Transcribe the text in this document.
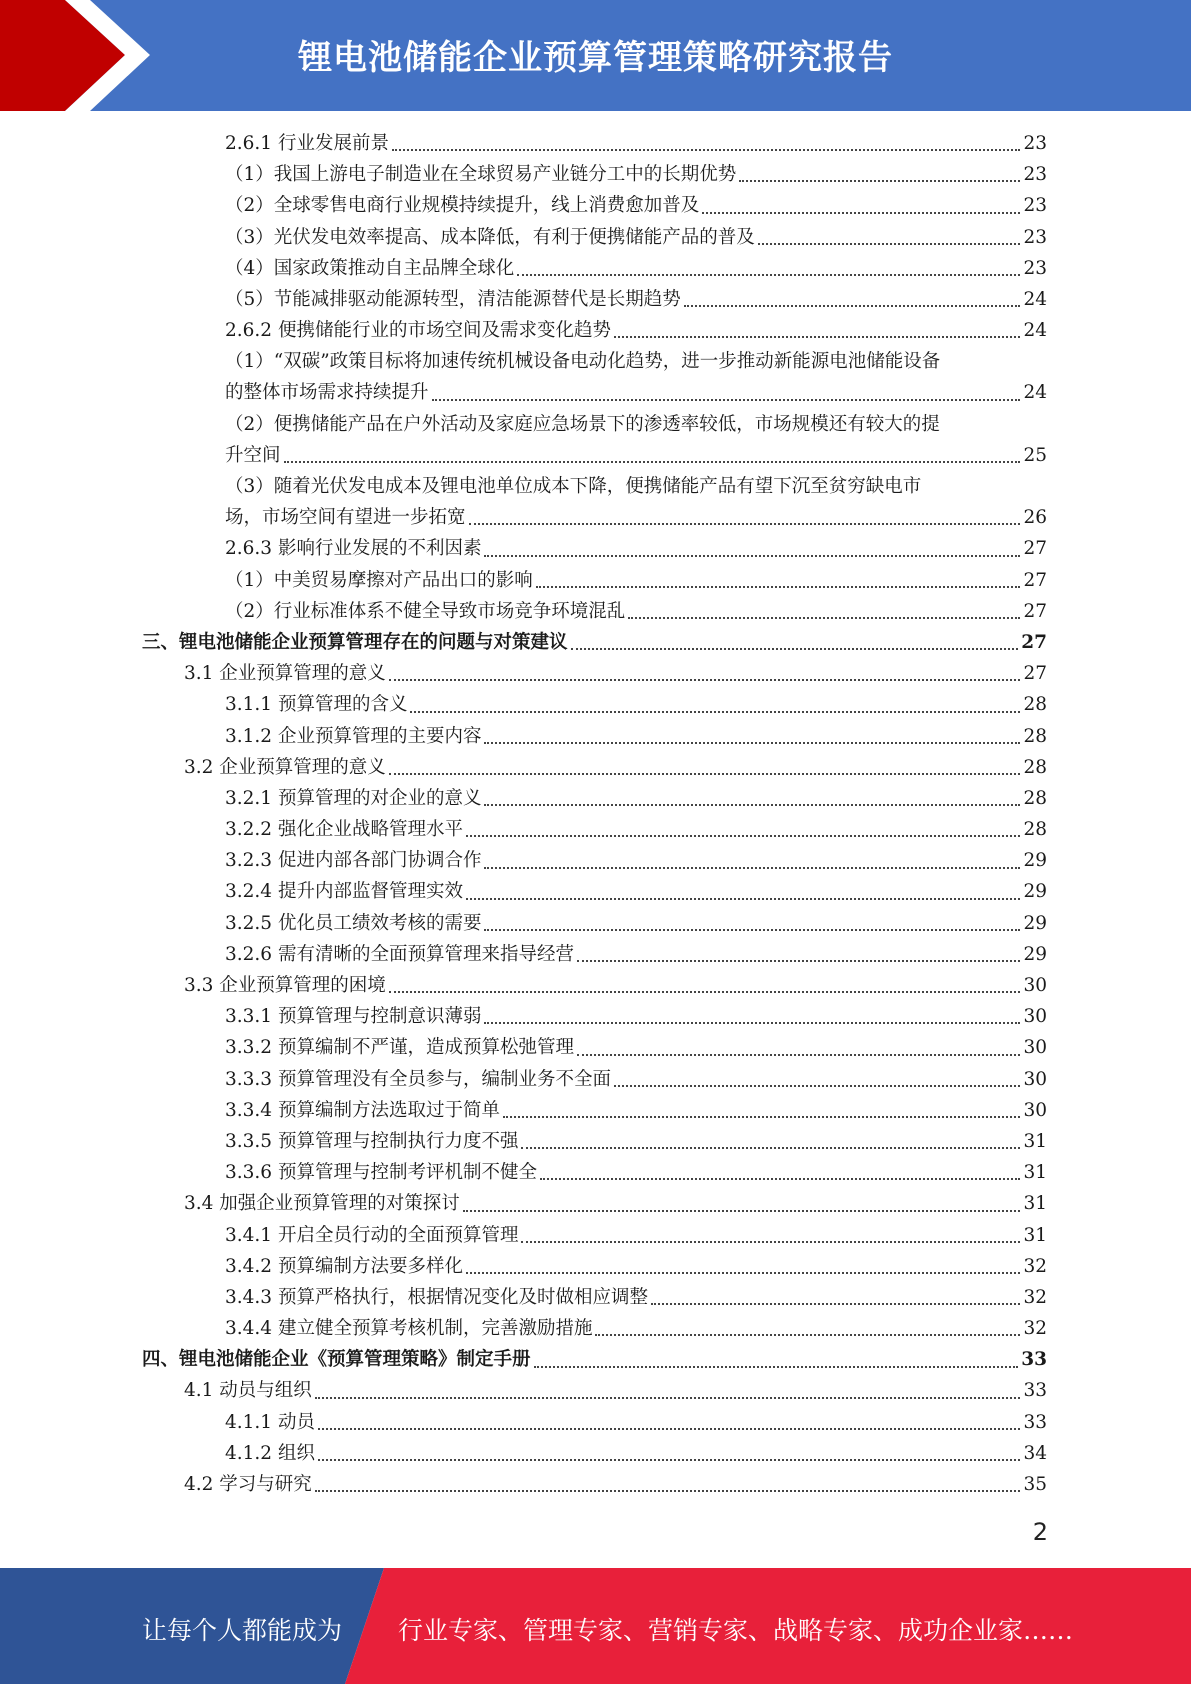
锂电池储能企业预算管理策略研究报告
2.6.1 行业发展前景	23
（1）我国上游电子制造业在全球贸易产业链分工中的长期优势	23
（2）全球零售电商行业规模持续提升，线上消费愈加普及	23
（3）光伏发电效率提高、成本降低，有利于便携储能产品的普及	23
（4）国家政策推动自主品牌全球化	23
（5）节能减排驱动能源转型，清洁能源替代是长期趋势	24
2.6.2 便携储能行业的市场空间及需求变化趋势	24
（1）“双碳”政策目标将加速传统机械设备电动化趋势，进一步推动新能源电池储能设备
的整体市场需求持续提升	24
（2）便携储能产品在户外活动及家庭应急场景下的渗透率较低，市场规模还有较大的提
升空间	25
（3）随着光伏发电成本及锂电池单位成本下降，便携储能产品有望下沉至贫穷缺电市
场，市场空间有望进一步拓宽	26
2.6.3 影响行业发展的不利因素	27
（1）中美贸易摩擦对产品出口的影响	27
（2）行业标准体系不健全导致市场竞争环境混乱	27
三、锂电池储能企业预算管理存在的问题与对策建议	27
3.1 企业预算管理的意义	27
3.1.1 预算管理的含义	28
3.1.2 企业预算管理的主要内容	28
3.2 企业预算管理的意义	28
3.2.1 预算管理的对企业的意义	28
3.2.2 强化企业战略管理水平	28
3.2.3 促进内部各部门协调合作	29
3.2.4 提升内部监督管理实效	29
3.2.5 优化员工绩效考核的需要	29
3.2.6 需有清晰的全面预算管理来指导经营	29
3.3 企业预算管理的困境	30
3.3.1 预算管理与控制意识薄弱	30
3.3.2 预算编制不严谨，造成预算松弛管理	30
3.3.3 预算管理没有全员参与，编制业务不全面	30
3.3.4 预算编制方法选取过于简单	30
3.3.5 预算管理与控制执行力度不强	31
3.3.6 预算管理与控制考评机制不健全	31
3.4 加强企业预算管理的对策探讨	31
3.4.1 开启全员行动的全面预算管理	31
3.4.2 预算编制方法要多样化	32
3.4.3 预算严格执行，根据情况变化及时做相应调整	32
3.4.4 建立健全预算考核机制，完善激励措施	32
四、锂电池储能企业《预算管理策略》制定手册	33
4.1 动员与组织	33
4.1.1 动员	33
4.1.2 组织	34
4.2 学习与研究	35
2
让每个人都能成为 行业专家、管理专家、营销专家、战略专家、成功企业家……
